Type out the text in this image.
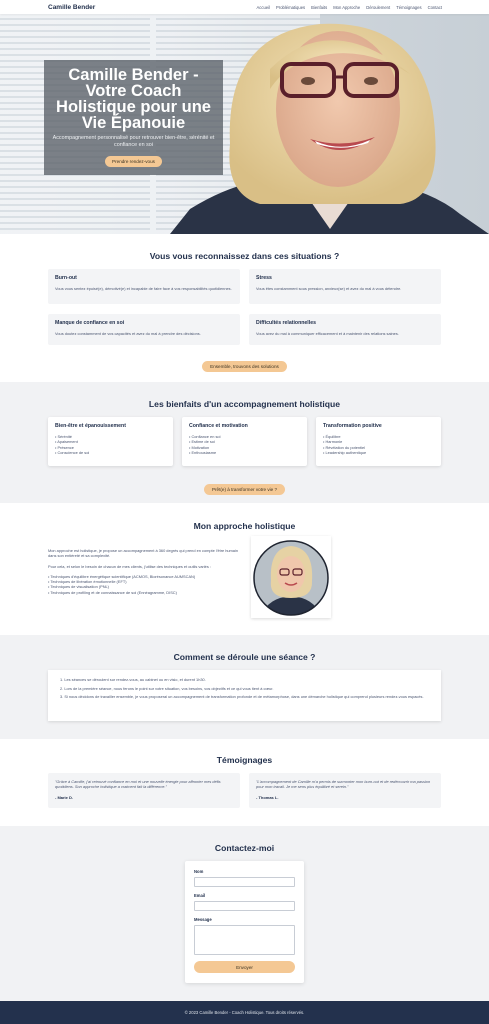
Camille Bender	Accueil Problématiques Bienfaits Mon Approche Déroulement Témoignages Contact
Camille Bender - Votre Coach Holistique pour une Vie Épanouie
Accompagnement personnalisé pour retrouver bien-être, sérénité et confiance en soi
Prendre rendez-vous
Vous vous reconnaissez dans ces situations ?
Burn-out

Vous vous sentez épuisé(e), démotivé(e) et incapable de faire face à vos responsabilités quotidiennes.

Stress

Vous êtes constamment sous pression, anxieux(se) et avez du mal à vous détendre.

Manque de confiance en soi

Vous doutez constamment de vos capacités et avez du mal à prendre des décisions.

Difficultés relationnelles

Vous avez du mal à communiquer efficacement et à maintenir des relations saines.

Ensemble, trouvons des solutions
Les bienfaits d'un accompagnement holistique
Bien-être et épanouissement
• Sérénité
• Apaisement
• Présence
• Conscience de soi
Confiance et motivation
• Confiance en soi
• Estime de soi
• Motivation
• Enthousiasme
Transformation positive
• Équilibre
• Harmonie
• Révélation du potentiel
• Leadership authentique
Prêt(e) à transformer votre vie ?
Mon approche holistique

Mon approche est holistique, je propose un accompagnement à 360 degrés qui prend en compte l'être humain dans son entièreté et sa complexité.

Pour cela, et selon le besoin de chacun de mes clients, j'utilise des techniques et outils variés :

• Techniques d'équilibre énergétique scientifique (ACMOS, Biorésonance AUMSCAN)
• Techniques de libération émotionnelle (EFT)
• Techniques de visualisation (PNL)
• Techniques de profiling et de connaissance de soi (Ennéagramme, DISC)
Comment se déroule une séance ?
1. Les séances se déroulent sur rendez-vous, au cabinet ou en visio, et durent 1h30.
2. Lors de la première séance, nous ferons le point sur votre situation, vos besoins, vos objectifs et ce qui vous tient à cœur.
3. Si nous décidons de travailler ensemble, je vous proposerai un accompagnement de transformation profonde et de métamorphose, dans une démarche holistique qui comprend plusieurs rendez-vous espacés.
Témoignages

"Grâce à Camille, j'ai retrouvé confiance en moi et une nouvelle énergie pour affronter mes défis quotidiens. Son approche holistique a vraiment fait la différence."

- Marie D.

"L'accompagnement de Camille m'a permis de surmonter mon burn-out et de redécouvrir ma passion pour mon travail. Je me sens plus équilibré et serein."

- Thomas L.
Contactez-moi
Nom
Email
Message
Envoyer
© 2023 Camille Bender - Coach Holistique. Tous droits réservés.
